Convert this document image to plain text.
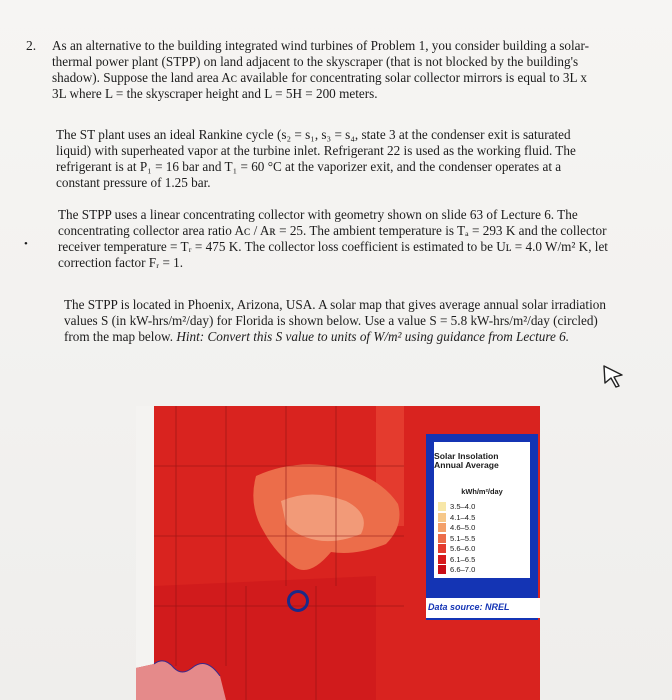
2. As an alternative to the building integrated wind turbines of Problem 1, you consider building a solar-
thermal power plant (STPP) on land adjacent to the skyscraper (that is not blocked by the building's
shadow). Suppose the land area Aᴄ available for concentrating solar collector mirrors is equal to 3L x
3L where L = the skyscraper height and L = 5H = 200 meters.
The ST plant uses an ideal Rankine cycle (s₂ = s₁, s₃ = s₄, state 3 at the condenser exit is saturated
liquid) with superheated vapor at the turbine inlet. Refrigerant 22 is used as the working fluid. The
refrigerant is at P₁ = 16 bar and T₁ = 60 °C at the vaporizer exit, and the condenser operates at a
constant pressure of 1.25 bar.
•
The STPP uses a linear concentrating collector with geometry shown on slide 63 of Lecture 6. The
concentrating collector area ratio Aᴄ / Aʀ = 25. The ambient temperature is Tₐ = 293 K and the collector
receiver temperature = Tᵣ = 475 K. The collector loss coefficient is estimated to be Uʟ = 4.0 W/m² K, let
correction factor Fᵣ = 1.
The STPP is located in Phoenix, Arizona, USA. A solar map that gives average annual solar irradiation
values S (in kW-hrs/m²/day) for Florida is shown below. Use a value S = 5.8 kW-hrs/m²/day (circled)
from the map below. Hint: Convert this S value to units of W/m² using guidance from Lecture 6.
Solar Insolation
Annual Average
kWh/m²/day
3.5–4.0
4.1–4.5
4.6–5.0
5.1–5.5
5.6–6.0
6.1–6.5
6.6–7.0
Data source: NREL
